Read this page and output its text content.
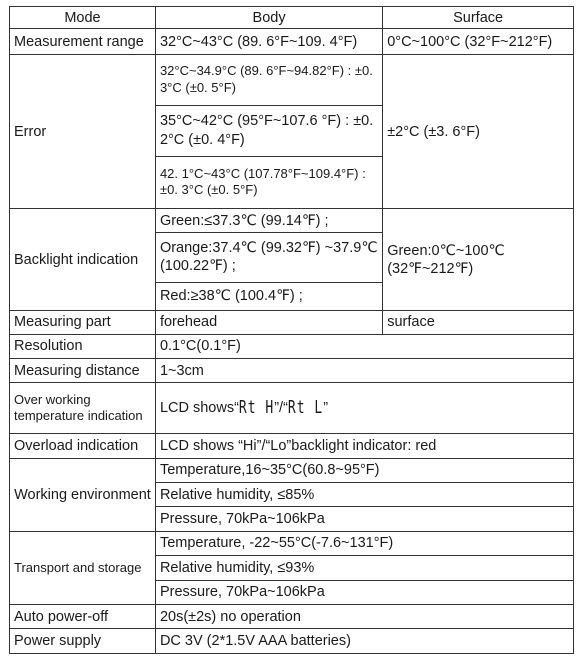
Mode	Body	Surface
Measurement range	32°C~43°C (89. 6°F~109. 4°F)	0°C~100°C (32°F~212°F)
Error	32°C~34.9°C (89. 6°F~94.82°F) : ±0. 3°C (±0. 5°F)	±2°C (±3. 6°F)
	35°C~42°C (95°F~107.6 °F) : ±0. 2°C (±0. 4°F)	
	42. 1°C~43°C (107.78°F~109.4°F) : ±0. 3°C (±0. 5°F)	
Backlight indication	Green:≤37.3℃ (99.14℉) ;	Green:0℃~100℃ (32℉~212℉)
	Orange:37.4℃ (99.32℉) ~37.9℃ (100.22℉) ;	
	Red:≥38℃ (100.4℉) ;	
Measuring part	forehead	surface
Resolution	0.1°C(0.1°F)	
Measuring distance	1~3cm	
Over working temperature indication	LCD shows“Rt H”/“Rt L”	
Overload indication	LCD shows “Hi”/“Lo”backlight indicator: red	
Working environment	Temperature,16~35°C(60.8~95°F)	
	Relative humidity, ≤85%	
	Pressure, 70kPa~106kPa	
Transport and storage	Temperature, -22~55°C(-7.6~131°F)	
	Relative humidity, ≤93%	
	Pressure, 70kPa~106kPa	
Auto power-off	20s(±2s) no operation	
Power supply	DC 3V (2*1.5V AAA batteries)	
